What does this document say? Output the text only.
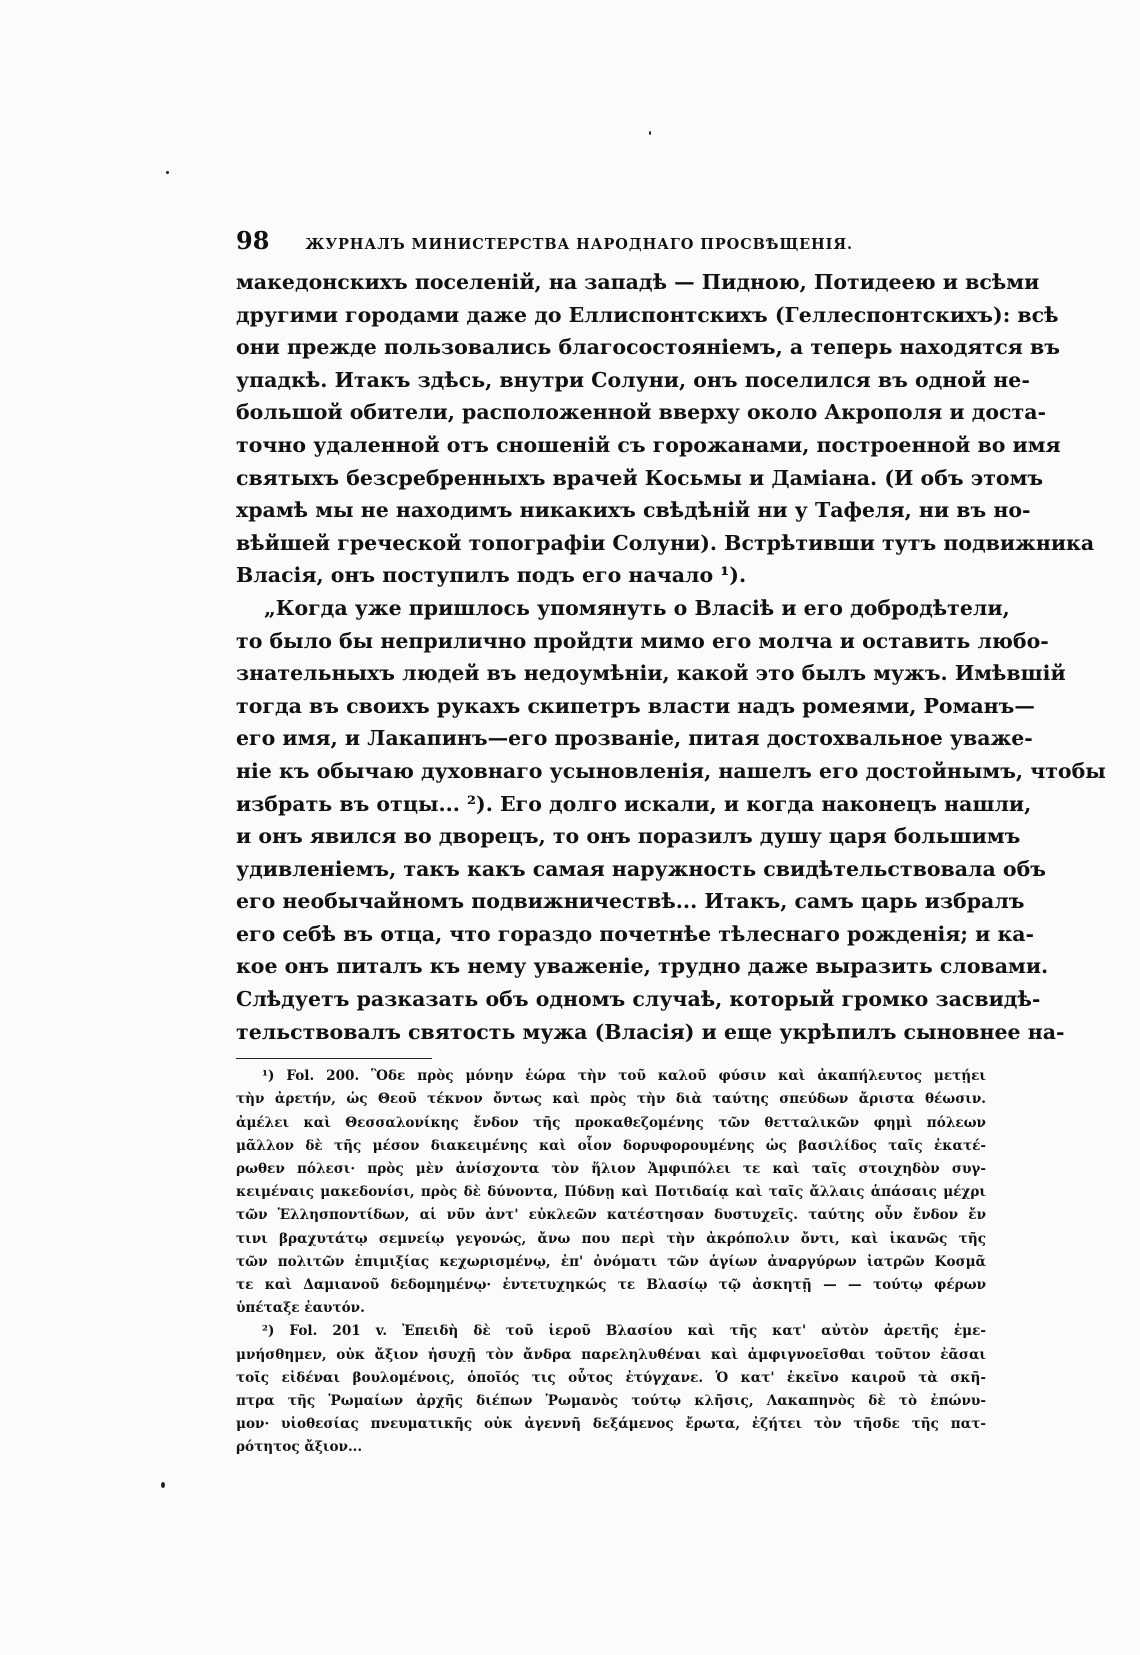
98 ЖУРНАЛЪ МИНИСТЕРСТВА НАРОДНАГО ПРОСВѢЩЕНІЯ.
македонскихъ поселеній, на западѣ — Пидною, Потидеею и всѣми
другими городами даже до Еллиспонтскихъ (Геллеспонтскихъ): всѣ
они прежде пользовались благосостояніемъ, а теперь находятся въ
упадкѣ. Итакъ здѣсь, внутри Солуни, онъ поселился въ одной не-
большой обители, расположенной вверху около Акрополя и доста-
точно удаленной отъ сношеній съ горожанами, построенной во имя
святыхъ безсребренныхъ врачей Косьмы и Даміана. (И объ этомъ
храмѣ мы не находимъ никакихъ свѣдѣній ни у Тафеля, ни въ но-
вѣйшей греческой топографіи Солуни). Встрѣтивши тутъ подвижника
Власія, онъ поступилъ подъ его начало ¹).
„Когда уже пришлось упомянуть о Власіѣ и его добродѣтели,
то было бы неприлично пройдти мимо его молча и оставить любо-
знательныхъ людей въ недоумѣніи, какой это былъ мужъ. Имѣвшій
тогда въ своихъ рукахъ скипетръ власти надъ ромеями, Романъ—
его имя, и Лакапинъ—его прозваніе, питая достохвальное уваже-
ніе къ обычаю духовнаго усыновленія, нашелъ его достойнымъ, чтобы
избрать въ отцы... ²). Его долго искали, и когда наконецъ нашли,
и онъ явился во дворецъ, то онъ поразилъ душу царя большимъ
удивленіемъ, такъ какъ самая наружность свидѣтельствовала объ
его необычайномъ подвижничествѣ... Итакъ, самъ царь избралъ
его себѣ въ отца, что гораздо почетнѣе тѣлеснаго рожденія; и ка-
кое онъ питалъ къ нему уваженіе, трудно даже выразить словами.
Слѣдуетъ разказать объ одномъ случаѣ, который громко засвидѣ-
тельствовалъ святость мужа (Власія) и еще укрѣпилъ сыновнее на-
¹) Fol. 200. Ὃδε πρὸς μόνην ἑώρα τὴν τοῦ καλοῦ φύσιν καὶ ἀκαπήλευτος μετῄει
τὴν ἀρετήν, ὡς Θεοῦ τέκνον ὄντως καὶ πρὸς τὴν διὰ ταύτης σπεύδων ἄριστα θέωσιν.
ἀμέλει καὶ Θεσσαλονίκης ἔνδον τῆς προκαθεζομένης τῶν θετταλικῶν φημὶ πόλεων
μᾶλλον δὲ τῆς μέσον διακειμένης καὶ οἷον δορυφορουμένης ὡς βασιλίδος ταῖς ἑκατέ-
ρωθεν πόλεσι· πρὸς μὲν ἀνίσχοντα τὸν ἥλιον Ἀμφιπόλει τε καὶ ταῖς στοιχηδὸν συγ-
κειμέναις μακεδονίσι, πρὸς δὲ δύνοντα, Πύδνῃ καὶ Ποτιδαίᾳ καὶ ταῖς ἄλλαις ἁπάσαις μέχρι
τῶν Ἑλλησποντίδων, αἱ νῦν ἀντ' εὐκλεῶν κατέστησαν δυστυχεῖς. ταύτης οὖν ἔνδον ἔν
τινι βραχυτάτῳ σεμνείῳ γεγονώς, ἄνω που περὶ τὴν ἀκρόπολιν ὄντι, καὶ ἱκανῶς τῆς
τῶν πολιτῶν ἐπιμιξίας κεχωρισμένῳ, ἐπ' ὀνόματι τῶν ἁγίων ἀναργύρων ἰατρῶν Κοσμᾶ
τε καὶ Δαμιανοῦ δεδομημένῳ· ἐντετυχηκώς τε Βλασίῳ τῷ ἀσκητῇ — — τούτῳ φέρων
ὑπέταξε ἑαυτόν.
²) Fol. 201 v. Ἐπειδὴ δὲ τοῦ ἱεροῦ Βλασίου καὶ τῆς κατ' αὐτὸν ἀρετῆς ἐμε-
μνήσθημεν, οὐκ ἄξιον ἡσυχῇ τὸν ἄνδρα παρεληλυθέναι καὶ ἀμφιγνοεῖσθαι τοῦτον ἐᾶσαι
τοῖς εἰδέναι βουλομένοις, ὁποῖός τις οὗτος ἐτύγχανε. Ὁ κατ' ἐκεῖνο καιροῦ τὰ σκῆ-
πτρα τῆς Ῥωμαίων ἀρχῆς διέπων Ῥωμανὸς τούτῳ κλῆσις, Λακαπηνὸς δὲ τὸ ἐπώνυ-
μον· υἱοθεσίας πνευματικῆς οὐκ ἀγεννῆ δεξάμενος ἔρωτα, ἐζήτει τὸν τῆσδε τῆς πατ-
ρότητος ἄξιον...
